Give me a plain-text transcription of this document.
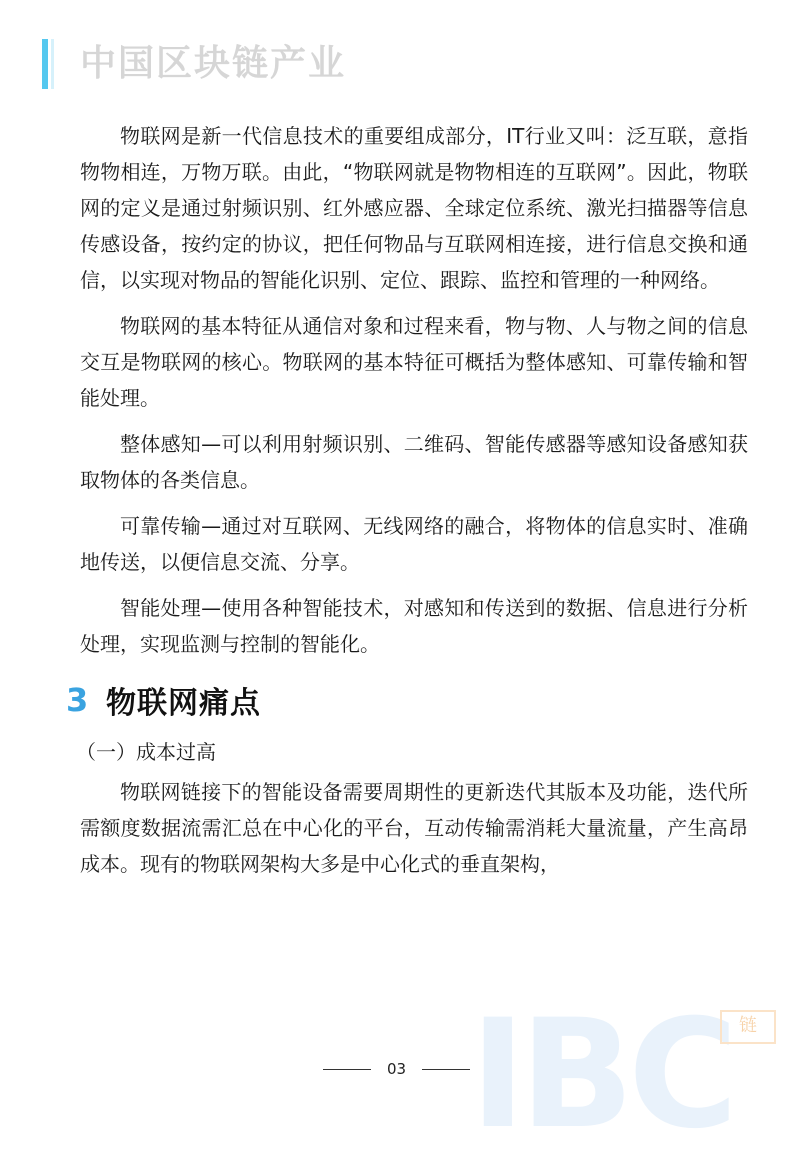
中国区块链产业

物联网是新一代信息技术的重要组成部分，IT行业又叫：泛互联，意指物物相连，万物万联。由此，“物联网就是物物相连的互联网”。因此，物联网的定义是通过射频识别、红外感应器、全球定位系统、激光扫描器等信息传感设备，按约定的协议，把任何物品与互联网相连接，进行信息交换和通信，以实现对物品的智能化识别、定位、跟踪、监控和管理的一种网络。

物联网的基本特征从通信对象和过程来看，物与物、人与物之间的信息交互是物联网的核心。物联网的基本特征可概括为整体感知、可靠传输和智能处理。

整体感知—可以利用射频识别、二维码、智能传感器等感知设备感知获取物体的各类信息。

可靠传输—通过对互联网、无线网络的融合，将物体的信息实时、准确地传送，以便信息交流、分享。

智能处理—使用各种智能技术，对感知和传送到的数据、信息进行分析处理，实现监测与控制的智能化。

3 物联网痛点
（一）成本过高

物联网链接下的智能设备需要周期性的更新迭代其版本及功能，迭代所需额度数据流需汇总在中心化的平台，互动传输需消耗大量流量，产生高昂成本。现有的物联网架构大多是中心化式的垂直架构，

IBC 链
03
